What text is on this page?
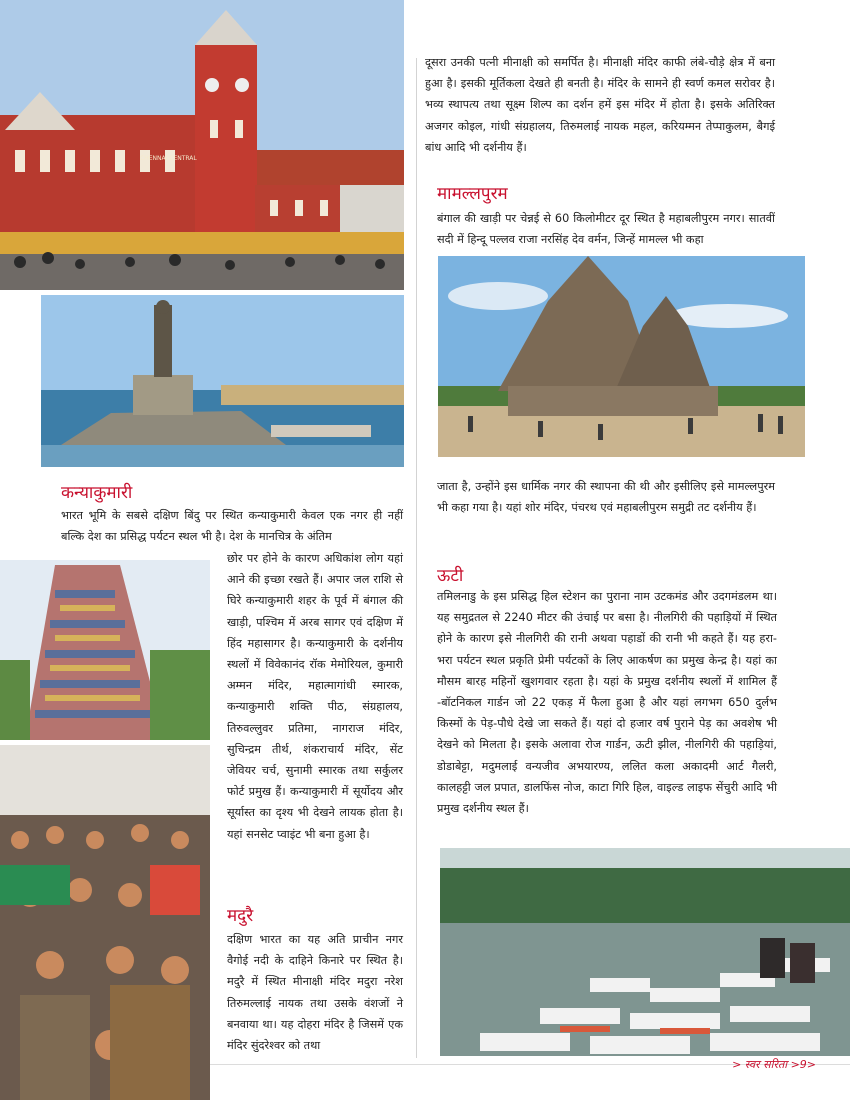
CHENNAI CENTRAL

दूसरा उनकी पत्नी मीनाक्षी को समर्पित है। मीनाक्षी मंदिर काफी लंबे-चौड़े क्षेत्र में बना हुआ है। इसकी मूर्तिकला देखते ही बनती है। मंदिर के सामने ही स्वर्ण कमल सरोवर है। भव्य स्थापत्य तथा सूक्ष्म शिल्प का दर्शन हमें इस मंदिर में होता है। इसके अतिरिक्त अजगर कोइल, गांधी संग्रहालय, तिरुमलाई नायक महल, करियम्मन तेप्पाकुलम, बैगई बांध आदि भी दर्शनीय हैं।

मामल्लपुरम

बंगाल की खाड़ी पर चेन्नई से 60 किलोमीटर दूर स्थित है महाबलीपुरम नगर। सातवीं सदी में हिन्दू पल्लव राजा नरसिंह देव वर्मन, जिन्हें मामल्ल भी कहा

जाता है, उन्होंने इस धार्मिक नगर की स्थापना की थी और इसीलिए इसे मामल्लपुरम भी कहा गया है। यहां शोर मंदिर, पंचरथ एवं महाबलीपुरम समुद्री तट दर्शनीय हैं।

ऊटी

तमिलनाडु के इस प्रसिद्ध हिल स्टेशन का पुराना नाम उटकमंड और उदगमंडलम था। यह समुद्रतल से 2240 मीटर की उंचाई पर बसा है। नीलगिरी की पहाड़ियों में स्थित होने के कारण इसे नीलगिरी की रानी अथवा पहाडों की रानी भी कहते हैं। यह हरा-भरा पर्यटन स्थल प्रकृति प्रेमी पर्यटकों के लिए आकर्षण का प्रमुख केन्द्र है। यहां का मौसम बारह महिनों खुशगवार रहता है। यहां के प्रमुख दर्शनीय स्थलों में शामिल हैं -बॉटनिकल गार्डन जो 22 एकड़ में फैला हुआ है और यहां लगभग 650 दुर्लभ किस्मों के पेड़-पौधे देखे जा सकते हैं। यहां दो हजार वर्ष पुराने पेड़ का अवशेष भी देखने को मिलता है। इसके अलावा रोज गार्डन, ऊटी झील, नीलगिरी की पहाड़ियां, डोडाबेट्टा, मदुमलाई वन्यजीव अभयारण्य, ललित कला अकादमी आर्ट गैलरी, कालहट्टी जल प्रपात, डालफिंस नोज, काटा गिरि हिल, वाइल्ड लाइफ सेंचुरी आदि भी प्रमुख दर्शनीय स्थल हैं।

कन्याकुमारी

भारत भूमि के सबसे दक्षिण बिंदु पर स्थित कन्याकुमारी केवल एक नगर ही नहीं बल्कि देश का प्रसिद्ध पर्यटन स्थल भी है। देश के मानचित्र के अंतिम

छोर पर होने के कारण अधिकांश लोग यहां आने की इच्छा रखते हैं। अपार जल राशि से घिरे कन्याकुमारी शहर के पूर्व में बंगाल की खाड़ी, पश्चिम में अरब सागर एवं दक्षिण में हिंद महासागर है। कन्याकुमारी के दर्शनीय स्थलों में विवेकानंद रॉक मेमोरियल, कुमारी अम्मन मंदिर, महात्मागांधी स्मारक, कन्याकुमारी शक्ति पीठ, संग्रहालय, तिरुवल्लुवर प्रतिमा, नागराज मंदिर, सुचिन्द्रम तीर्थ, शंकराचार्य मंदिर, सेंट जेवियर चर्च, सुनामी स्मारक तथा सर्कुलर फोर्ट प्रमुख हैं। कन्याकुमारी में सूर्योदय और सूर्यास्त का दृश्य भी देखने लायक होता है। यहां सनसेट प्वाइंट भी बना हुआ है।

मदुरै

दक्षिण भारत का यह अति प्राचीन नगर वैगोई नदी के दाहिने किनारे पर स्थित है। मदुरै में स्थित मीनाक्षी मंदिर मदुरा नरेश तिरुमल्लाई नायक तथा उसके वंशजों ने बनवाया था। यह दोहरा मंदिर है जिसमें एक मंदिर सुंदरेश्वर को तथा

> स्वर सरिता >9>
